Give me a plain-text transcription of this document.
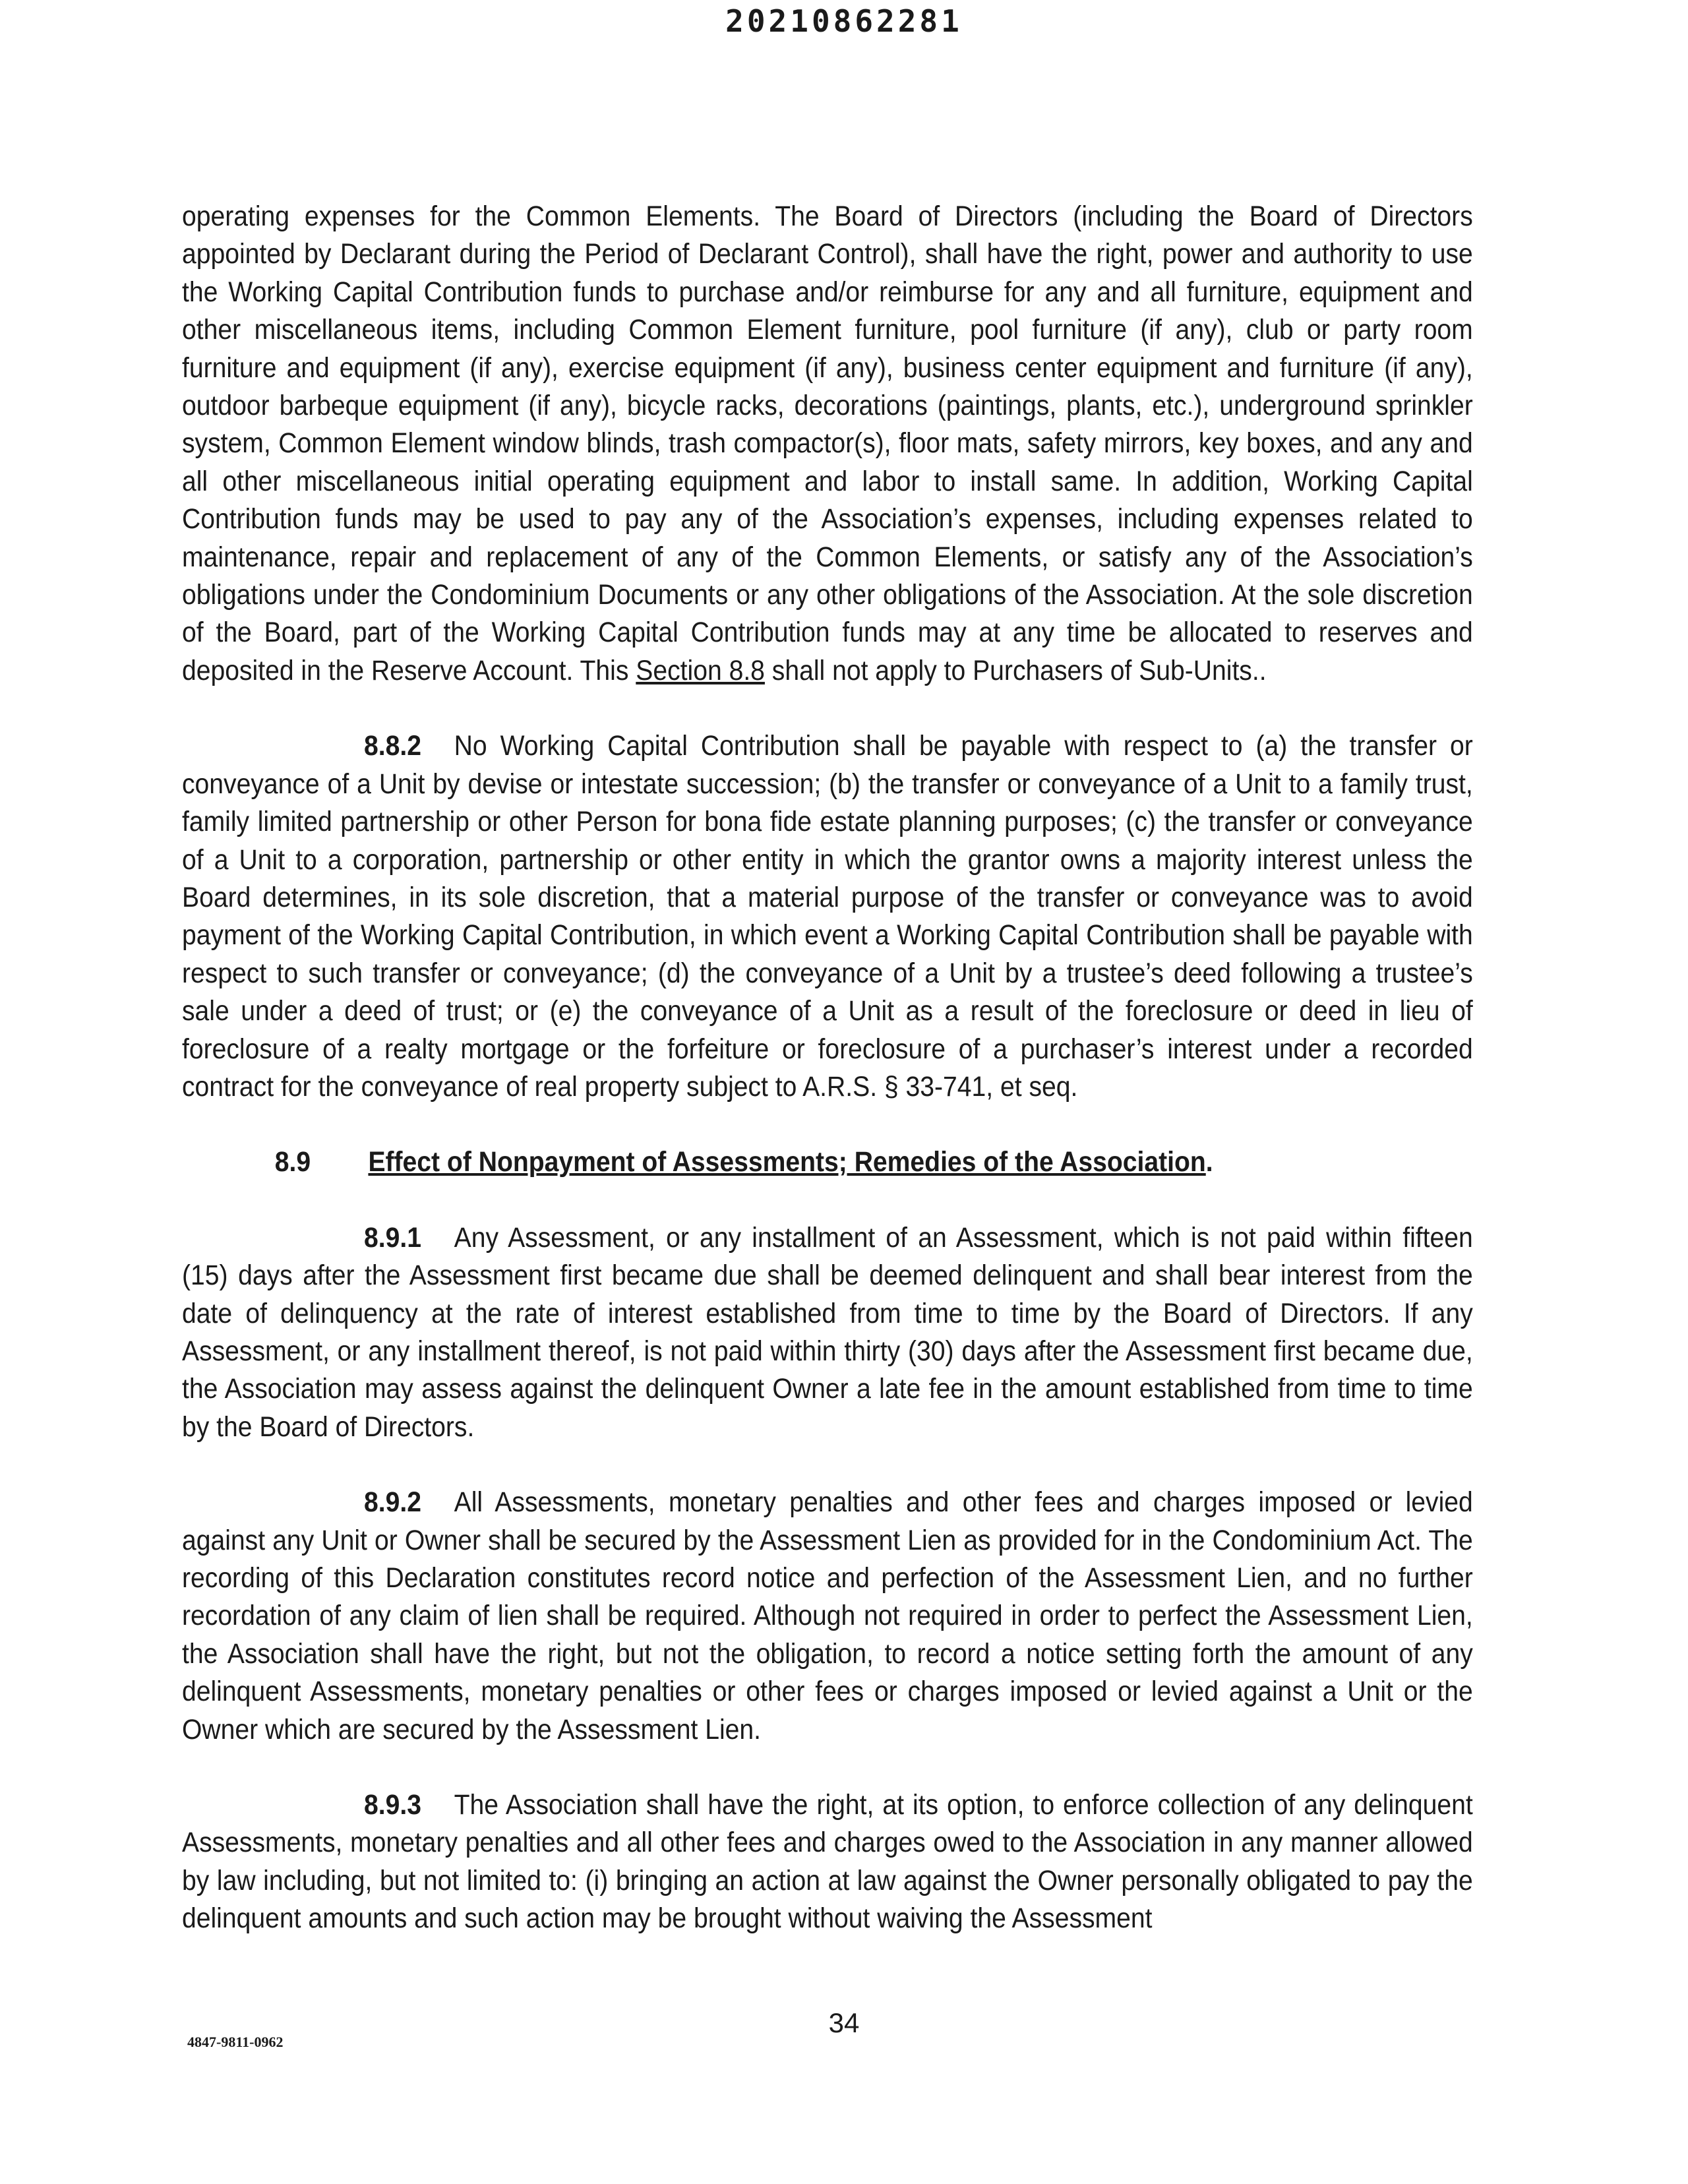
20210862281

operating expenses for the Common Elements. The Board of Directors (including the Board of Directors appointed by Declarant during the Period of Declarant Control), shall have the right, power and authority to use the Working Capital Contribution funds to purchase and/or reimburse for any and all furniture, equipment and other miscellaneous items, including Common Element furniture, pool furniture (if any), club or party room furniture and equipment (if any), exercise equipment (if any), business center equipment and furniture (if any), outdoor barbeque equipment (if any), bicycle racks, decorations (paintings, plants, etc.), underground sprinkler system, Common Element window blinds, trash compactor(s), floor mats, safety mirrors, key boxes, and any and all other miscellaneous initial operating equipment and labor to install same. In addition, Working Capital Contribution funds may be used to pay any of the Association’s expenses, including expenses related to maintenance, repair and replacement of any of the Common Elements, or satisfy any of the Association’s obligations under the Condominium Documents or any other obligations of the Association. At the sole discretion of the Board, part of the Working Capital Contribution funds may at any time be allocated to reserves and deposited in the Reserve Account. This Section 8.8 shall not apply to Purchasers of Sub-Units..

8.8.2 No Working Capital Contribution shall be payable with respect to (a) the transfer or conveyance of a Unit by devise or intestate succession; (b) the transfer or conveyance of a Unit to a family trust, family limited partnership or other Person for bona fide estate planning purposes; (c) the transfer or conveyance of a Unit to a corporation, partnership or other entity in which the grantor owns a majority interest unless the Board determines, in its sole discretion, that a material purpose of the transfer or conveyance was to avoid payment of the Working Capital Contribution, in which event a Working Capital Contribution shall be payable with respect to such transfer or conveyance; (d) the conveyance of a Unit by a trustee’s deed following a trustee’s sale under a deed of trust; or (e) the conveyance of a Unit as a result of the foreclosure or deed in lieu of foreclosure of a realty mortgage or the forfeiture or foreclosure of a purchaser’s interest under a recorded contract for the conveyance of real property subject to A.R.S. § 33-741, et seq.

8.9 Effect of Nonpayment of Assessments; Remedies of the Association.

8.9.1 Any Assessment, or any installment of an Assessment, which is not paid within fifteen (15) days after the Assessment first became due shall be deemed delinquent and shall bear interest from the date of delinquency at the rate of interest established from time to time by the Board of Directors. If any Assessment, or any installment thereof, is not paid within thirty (30) days after the Assessment first became due, the Association may assess against the delinquent Owner a late fee in the amount established from time to time by the Board of Directors.

8.9.2 All Assessments, monetary penalties and other fees and charges imposed or levied against any Unit or Owner shall be secured by the Assessment Lien as provided for in the Condominium Act. The recording of this Declaration constitutes record notice and perfection of the Assessment Lien, and no further recordation of any claim of lien shall be required. Although not required in order to perfect the Assessment Lien, the Association shall have the right, but not the obligation, to record a notice setting forth the amount of any delinquent Assessments, monetary penalties or other fees or charges imposed or levied against a Unit or the Owner which are secured by the Assessment Lien.

8.9.3 The Association shall have the right, at its option, to enforce collection of any delinquent Assessments, monetary penalties and all other fees and charges owed to the Association in any manner allowed by law including, but not limited to: (i) bringing an action at law against the Owner personally obligated to pay the delinquent amounts and such action may be brought without waiving the Assessment

34
4847-9811-0962
